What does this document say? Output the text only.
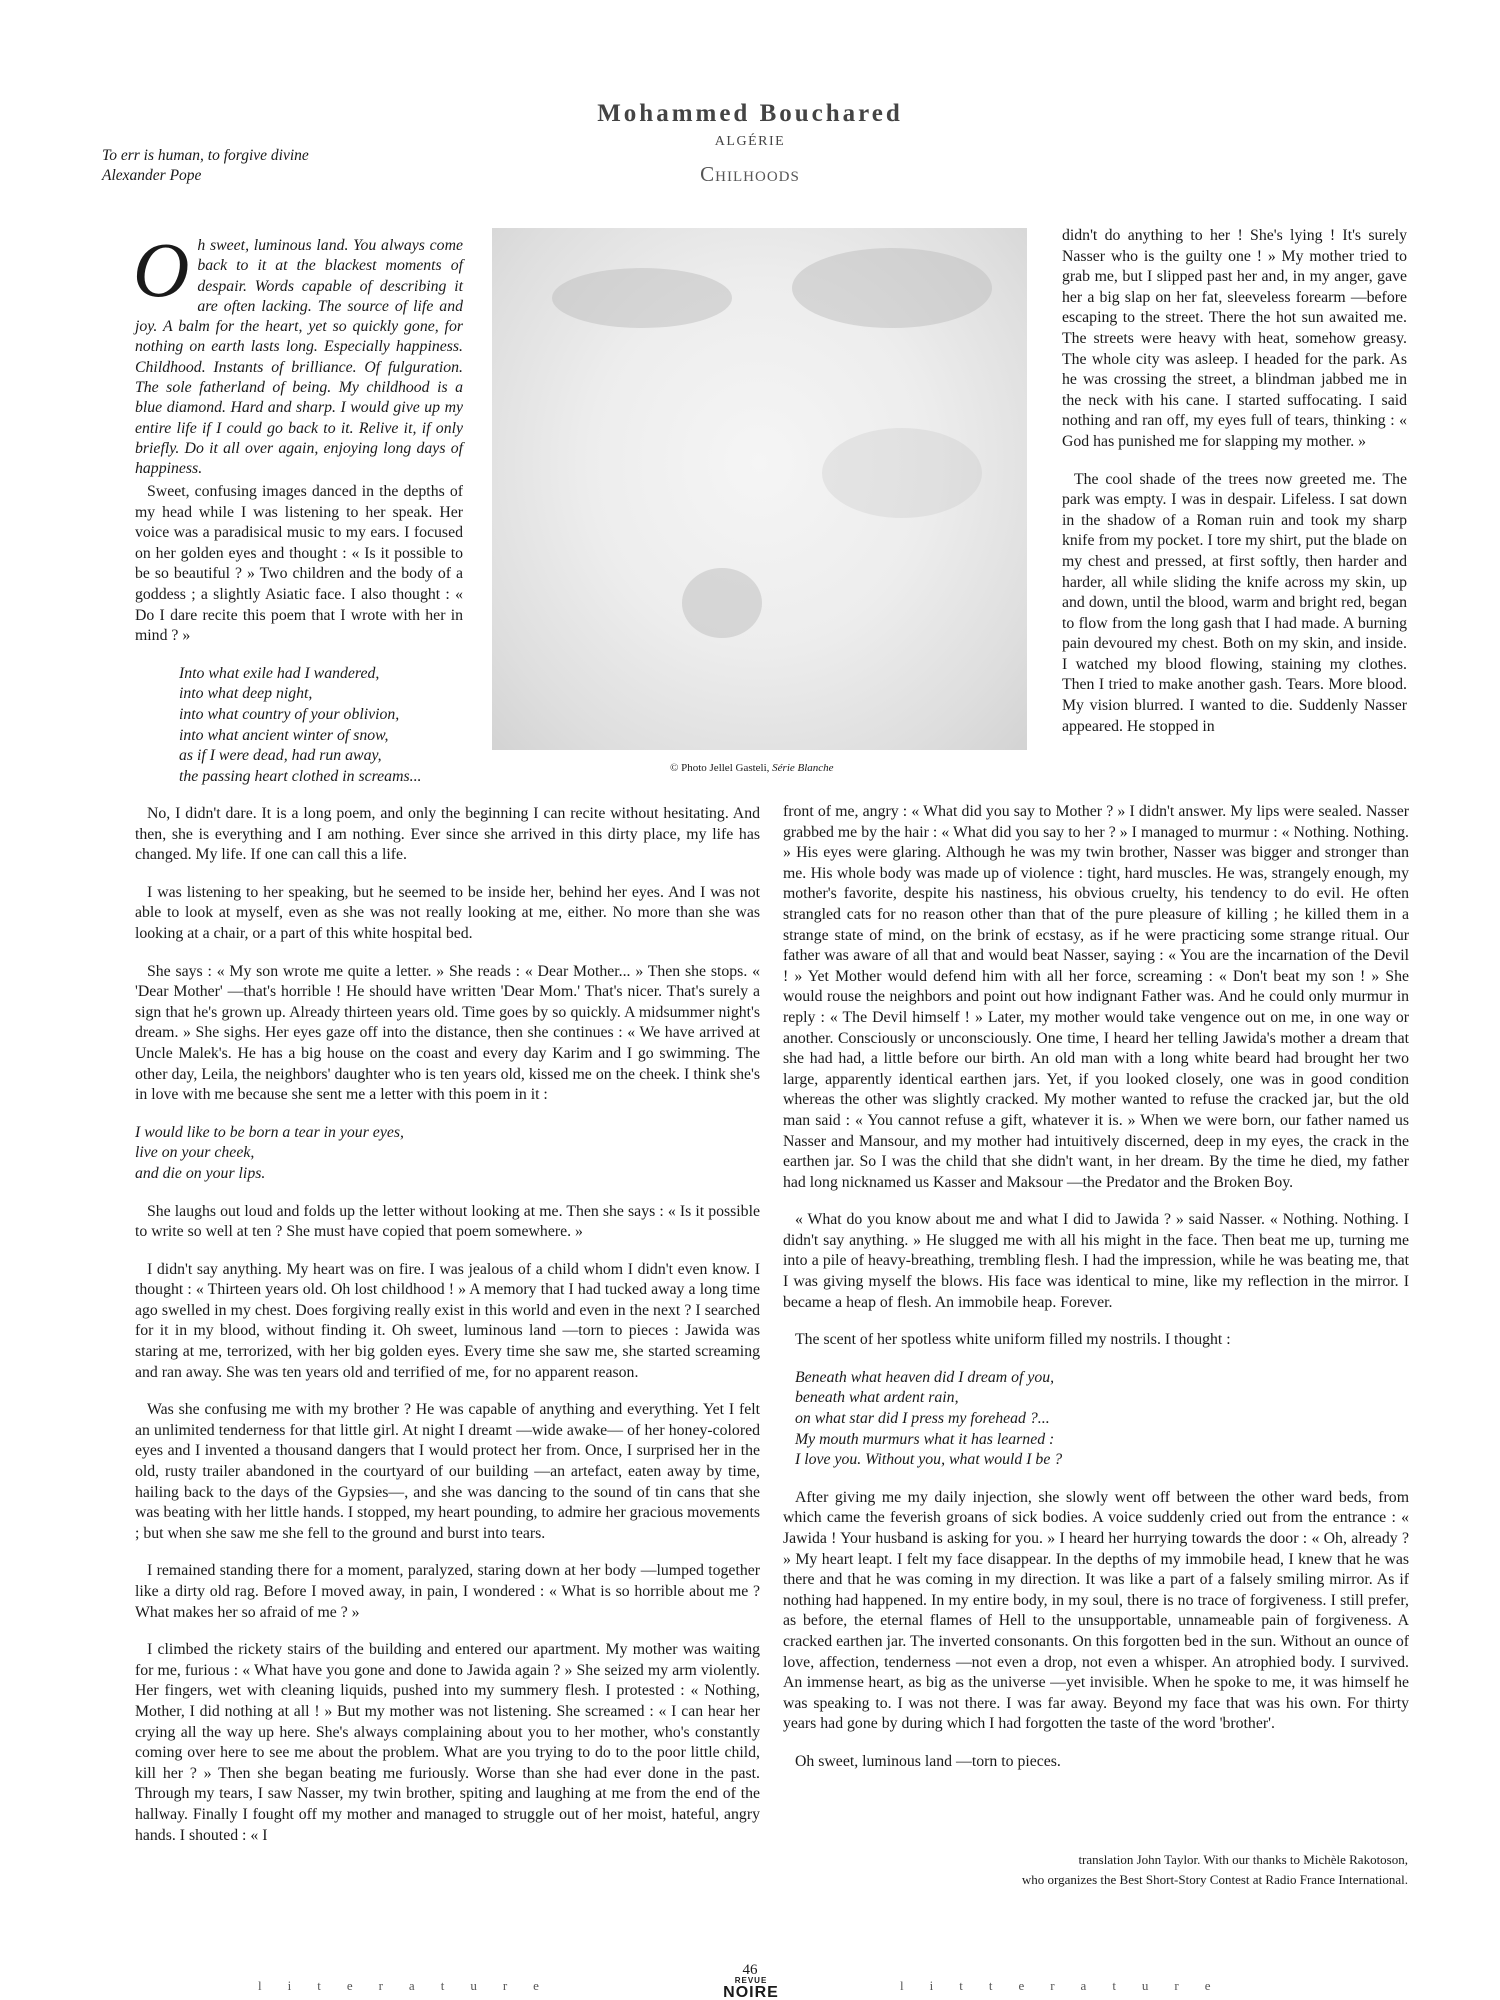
Mohammed Bouchared
ALGÉRIE
Chilhoods
To err is human, to forgive divine
Alexander Pope

Oh sweet, luminous land. You always come back to it at the blackest moments of despair. Words capable of describing it are often lacking. The source of life and joy. A balm for the heart, yet so quickly gone, for nothing on earth lasts long. Especially happiness. Childhood. Instants of brilliance. Of fulguration. The sole fatherland of being. My childhood is a blue diamond. Hard and sharp. I would give up my entire life if I could go back to it. Relive it, if only briefly. Do it all over again, enjoying long days of happiness.

Sweet, confusing images danced in the depths of my head while I was listening to her speak. Her voice was a paradisical music to my ears. I focused on her golden eyes and thought : « Is it possible to be so beautiful ? » Two children and the body of a goddess ; a slightly Asiatic face. I also thought : « Do I dare recite this poem that I wrote with her in mind ? »

Into what exile had I wandered,
into what deep night,
into what country of your oblivion,
into what ancient winter of snow,
as if I were dead, had run away,
the passing heart clothed in screams...	© Photo Jellel Gasteli, Série Blanche

didn't do anything to her ! She's lying ! It's surely Nasser who is the guilty one ! » My mother tried to grab me, but I slipped past her and, in my anger, gave her a big slap on her fat, sleeveless forearm —before escaping to the street. There the hot sun awaited me. The streets were heavy with heat, somehow greasy. The whole city was asleep. I headed for the park. As he was crossing the street, a blindman jabbed me in the neck with his cane. I started suffocating. I said nothing and ran off, my eyes full of tears, thinking : « God has punished me for slapping my mother. »

The cool shade of the trees now greeted me. The park was empty. I was in despair. Lifeless. I sat down in the shadow of a Roman ruin and took my sharp knife from my pocket. I tore my shirt, put the blade on my chest and pressed, at first softly, then harder and harder, all while sliding the knife across my skin, up and down, until the blood, warm and bright red, began to flow from the long gash that I had made. A burning pain devoured my chest. Both on my skin, and inside. I watched my blood flowing, staining my clothes. Then I tried to make another gash. Tears. More blood. My vision blurred. I wanted to die. Suddenly Nasser appeared. He stopped in

No, I didn't dare. It is a long poem, and only the beginning I can recite without hesitating. And then, she is everything and I am nothing. Ever since she arrived in this dirty place, my life has changed. My life. If one can call this a life.

I was listening to her speaking, but he seemed to be inside her, behind her eyes. And I was not able to look at myself, even as she was not really looking at me, either. No more than she was looking at a chair, or a part of this white hospital bed.

She says : « My son wrote me quite a letter. » She reads : « Dear Mother... » Then she stops. « 'Dear Mother' —that's horrible ! He should have written 'Dear Mom.' That's nicer. That's surely a sign that he's grown up. Already thirteen years old. Time goes by so quickly. A midsummer night's dream. » She sighs. Her eyes gaze off into the distance, then she continues : « We have arrived at Uncle Malek's. He has a big house on the coast and every day Karim and I go swimming. The other day, Leila, the neighbors' daughter who is ten years old, kissed me on the cheek. I think she's in love with me because she sent me a letter with this poem in it :

I would like to be born a tear in your eyes,
live on your cheek,
and die on your lips.

She laughs out loud and folds up the letter without looking at me. Then she says : « Is it possible to write so well at ten ? She must have copied that poem somewhere. »

I didn't say anything. My heart was on fire. I was jealous of a child whom I didn't even know. I thought : « Thirteen years old. Oh lost childhood ! » A memory that I had tucked away a long time ago swelled in my chest. Does forgiving really exist in this world and even in the next ? I searched for it in my blood, without finding it. Oh sweet, luminous land —torn to pieces : Jawida was staring at me, terrorized, with her big golden eyes. Every time she saw me, she started screaming and ran away. She was ten years old and terrified of me, for no apparent reason.

Was she confusing me with my brother ? He was capable of anything and everything. Yet I felt an unlimited tenderness for that little girl. At night I dreamt —wide awake— of her honey-colored eyes and I invented a thousand dangers that I would protect her from. Once, I surprised her in the old, rusty trailer abandoned in the courtyard of our building —an artefact, eaten away by time, hailing back to the days of the Gypsies—, and she was dancing to the sound of tin cans that she was beating with her little hands. I stopped, my heart pounding, to admire her gracious movements ; but when she saw me she fell to the ground and burst into tears.

I remained standing there for a moment, paralyzed, staring down at her body —lumped together like a dirty old rag. Before I moved away, in pain, I wondered : « What is so horrible about me ? What makes her so afraid of me ? »

I climbed the rickety stairs of the building and entered our apartment. My mother was waiting for me, furious : « What have you gone and done to Jawida again ? » She seized my arm violently. Her fingers, wet with cleaning liquids, pushed into my summery flesh. I protested : « Nothing, Mother, I did nothing at all ! » But my mother was not listening. She screamed : « I can hear her crying all the way up here. She's always complaining about you to her mother, who's constantly coming over here to see me about the problem. What are you trying to do to the poor little child, kill her ? » Then she began beating me furiously. Worse than she had ever done in the past. Through my tears, I saw Nasser, my twin brother, spiting and laughing at me from the end of the hallway. Finally I fought off my mother and managed to struggle out of her moist, hateful, angry hands. I shouted : « I

front of me, angry : « What did you say to Mother ? » I didn't answer. My lips were sealed. Nasser grabbed me by the hair : « What did you say to her ? » I managed to murmur : « Nothing. Nothing. » His eyes were glaring. Although he was my twin brother, Nasser was bigger and stronger than me. His whole body was made up of violence : tight, hard muscles. He was, strangely enough, my mother's favorite, despite his nastiness, his obvious cruelty, his tendency to do evil. He often strangled cats for no reason other than that of the pure pleasure of killing ; he killed them in a strange state of mind, on the brink of ecstasy, as if he were practicing some strange ritual. Our father was aware of all that and would beat Nasser, saying : « You are the incarnation of the Devil ! » Yet Mother would defend him with all her force, screaming : « Don't beat my son ! » She would rouse the neighbors and point out how indignant Father was. And he could only murmur in reply : « The Devil himself ! » Later, my mother would take vengence out on me, in one way or another. Consciously or unconsciously. One time, I heard her telling Jawida's mother a dream that she had had, a little before our birth. An old man with a long white beard had brought her two large, apparently identical earthen jars. Yet, if you looked closely, one was in good condition whereas the other was slightly cracked. My mother wanted to refuse the cracked jar, but the old man said : « You cannot refuse a gift, whatever it is. » When we were born, our father named us Nasser and Mansour, and my mother had intuitively discerned, deep in my eyes, the crack in the earthen jar. So I was the child that she didn't want, in her dream. By the time he died, my father had long nicknamed us Kasser and Maksour —the Predator and the Broken Boy.

« What do you know about me and what I did to Jawida ? » said Nasser. « Nothing. Nothing. I didn't say anything. » He slugged me with all his might in the face. Then beat me up, turning me into a pile of heavy-breathing, trembling flesh. I had the impression, while he was beating me, that I was giving myself the blows. His face was identical to mine, like my reflection in the mirror. I became a heap of flesh. An immobile heap. Forever.

The scent of her spotless white uniform filled my nostrils. I thought :

Beneath what heaven did I dream of you,
beneath what ardent rain,
on what star did I press my forehead ?...
My mouth murmurs what it has learned :
I love you. Without you, what would I be ?

After giving me my daily injection, she slowly went off between the other ward beds, from which came the feverish groans of sick bodies. A voice suddenly cried out from the entrance : « Jawida ! Your husband is asking for you. » I heard her hurrying towards the door : « Oh, already ? » My heart leapt. I felt my face disappear. In the depths of my immobile head, I knew that he was there and that he was coming in my direction. It was like a part of a falsely smiling mirror. As if nothing had happened. In my entire body, in my soul, there is no trace of forgiveness. I still prefer, as before, the eternal flames of Hell to the unsupportable, unnameable pain of forgiveness. A cracked earthen jar. The inverted consonants. On this forgotten bed in the sun. Without an ounce of love, affection, tenderness —not even a drop, not even a whisper. An atrophied body. I survived. An immense heart, as big as the universe —yet invisible. When he spoke to me, it was himself he was speaking to. I was not there. I was far away. Beyond my face that was his own. For thirty years had gone by during which I had forgotten the taste of the word 'brother'.

Oh sweet, luminous land —torn to pieces.

translation John Taylor. With our thanks to Michèle Rakotoson,
who organizes the Best Short-Story Contest at Radio France International.
46
literature	REVUE
NOIRE	litterature
